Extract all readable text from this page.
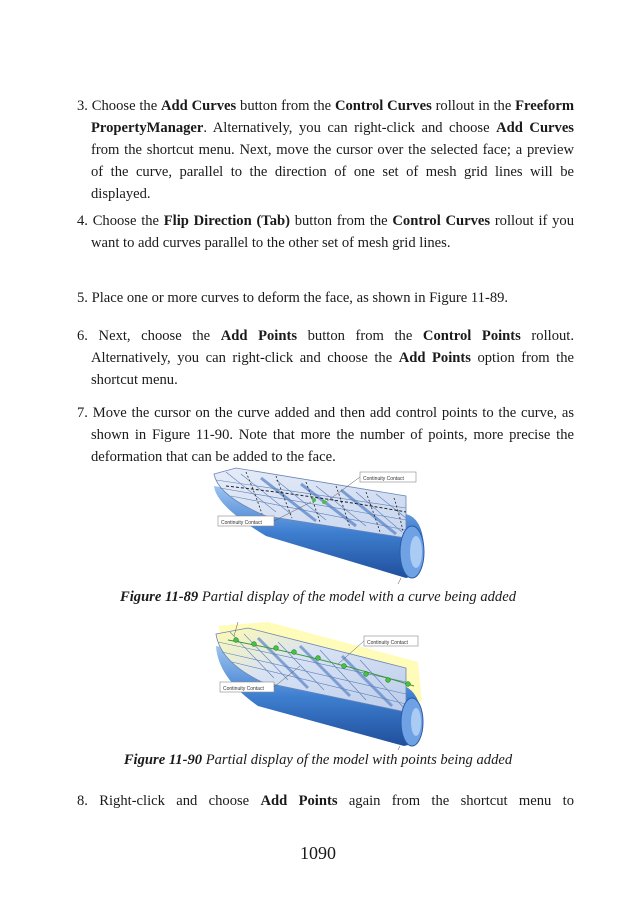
3. Choose the Add Curves button from the Control Curves rollout in the Freeform PropertyManager. Alternatively, you can right-click and choose Add Curves from the shortcut menu. Next, move the cursor over the selected face; a preview of the curve, parallel to the direction of one set of mesh grid lines will be displayed.
4. Choose the Flip Direction (Tab) button from the Control Curves rollout if you want to add curves parallel to the other set of mesh grid lines.
5. Place one or more curves to deform the face, as shown in Figure 11-89.
6. Next, choose the Add Points button from the Control Points rollout. Alternatively, you can right-click and choose the Add Points option from the shortcut menu.
7. Move the cursor on the curve added and then add control points to the curve, as shown in Figure 11-90. Note that more the number of points, more precise the deformation that can be added to the face.
Continuity Contact
Continuity Contact
Figure 11-89 Partial display of the model with a curve being added
Continuity Contact
Continuity Contact
Figure 11-90 Partial display of the model with points being added
8. Right-click and choose Add Points again from the shortcut menu to
1090
